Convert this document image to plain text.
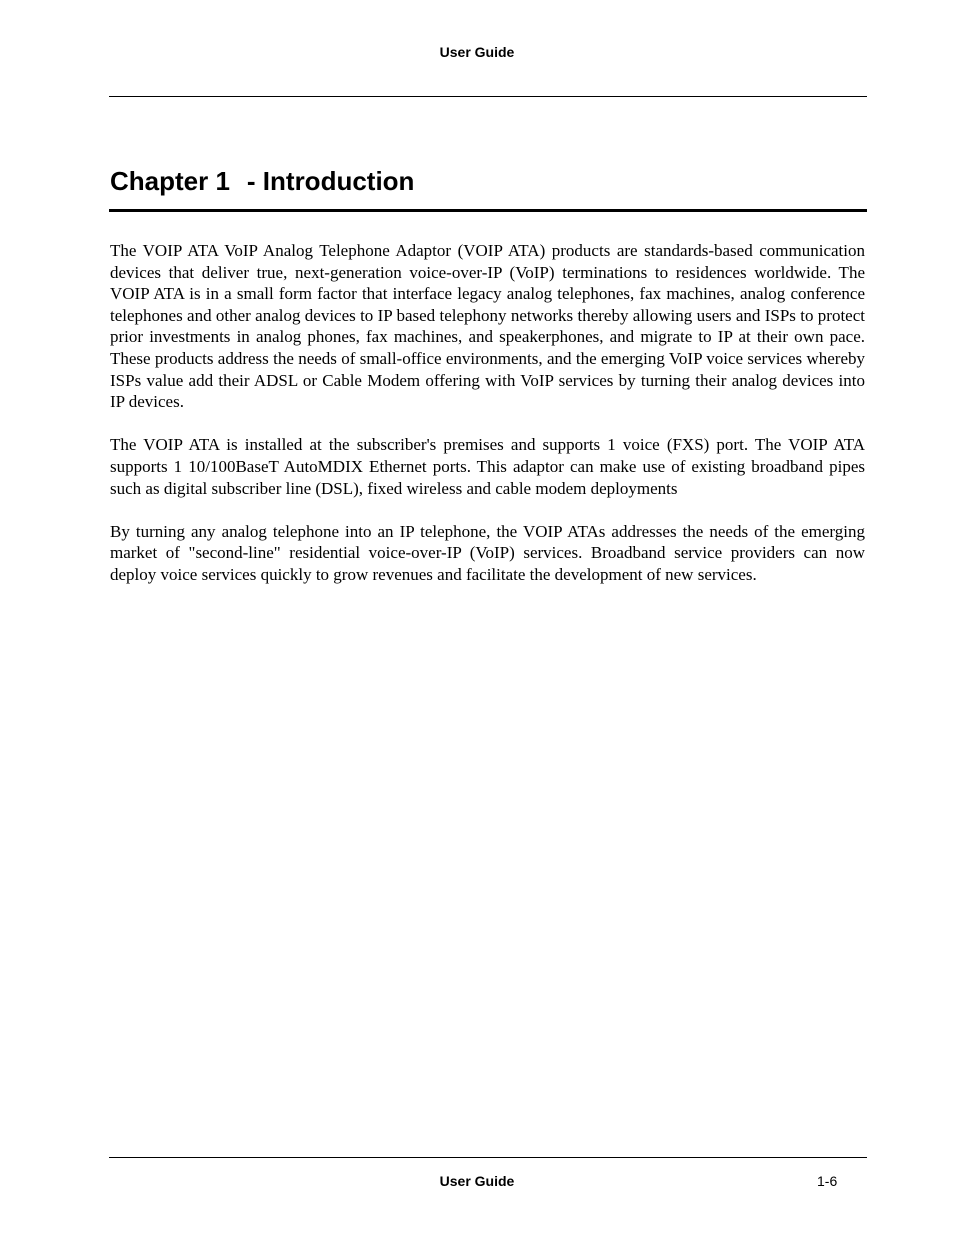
User Guide
Chapter 1 - Introduction

The VOIP ATA VoIP Analog Telephone Adaptor (VOIP ATA) products are standards-based communication devices that deliver true, next-generation voice-over-IP (VoIP) terminations to residences worldwide. The VOIP ATA is in a small form factor that interface legacy analog telephones, fax machines, analog conference telephones and other analog devices to IP based telephony networks thereby allowing users and ISPs to protect prior investments in analog phones, fax machines, and speakerphones, and migrate to IP at their own pace. These products address the needs of small-office environments, and the emerging VoIP voice services whereby ISPs value add their ADSL or Cable Modem offering with VoIP services by turning their analog devices into IP devices.

The VOIP ATA is installed at the subscriber's premises and supports 1 voice (FXS) port. The VOIP ATA supports 1 10/100BaseT AutoMDIX Ethernet ports. This adaptor can make use of existing broadband pipes such as digital subscriber line (DSL), fixed wireless and cable modem deployments

By turning any analog telephone into an IP telephone, the VOIP ATAs addresses the needs of the emerging market of "second-line" residential voice-over-IP (VoIP) services. Broadband service providers can now deploy voice services quickly to grow revenues and facilitate the development of new services.

User Guide	1-6
